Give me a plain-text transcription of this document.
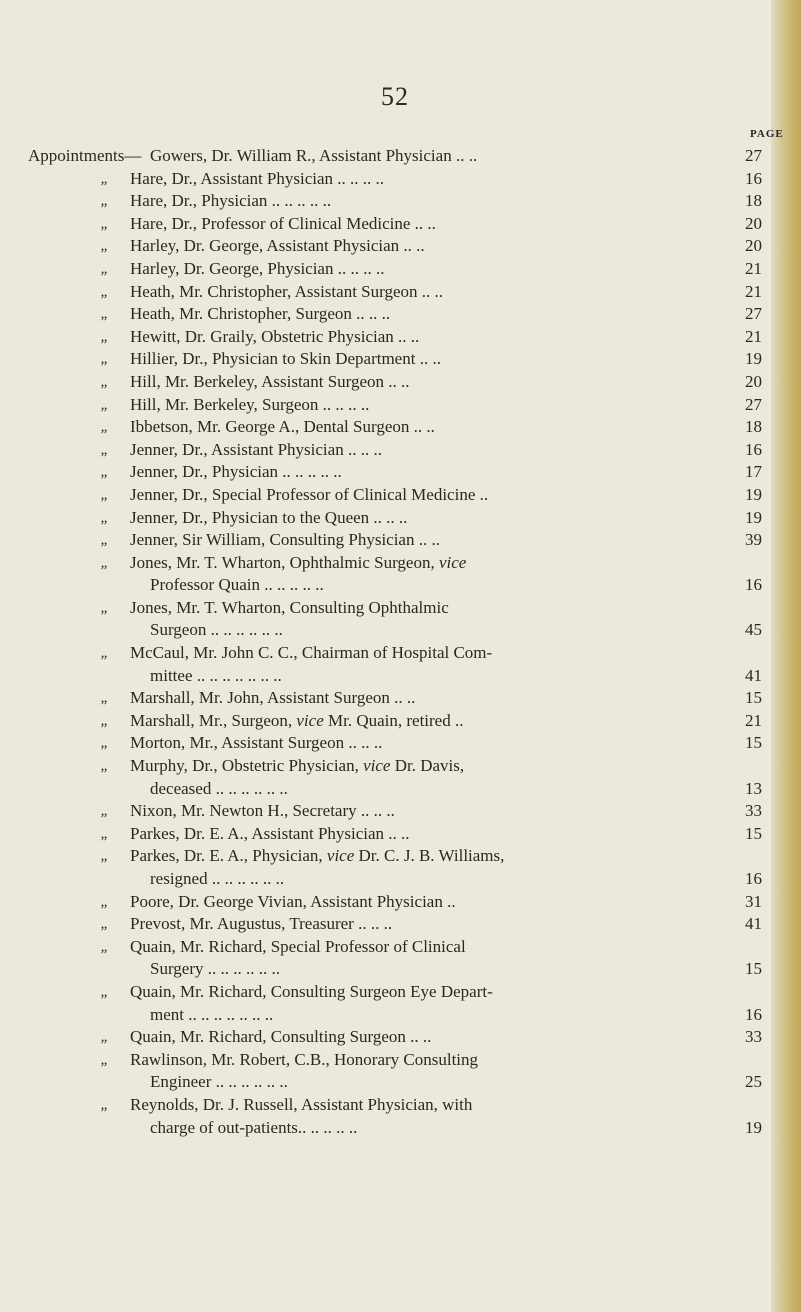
52
PAGE
Appointments— Gowers, Dr. William R., Assistant Physician .. ..	27
„	Hare, Dr., Assistant Physician .. .. .. ..	16
„	Hare, Dr., Physician .. .. .. .. ..	18
„	Hare, Dr., Professor of Clinical Medicine .. ..	20
„	Harley, Dr. George, Assistant Physician .. ..	20
„	Harley, Dr. George, Physician .. .. .. ..	21
„	Heath, Mr. Christopher, Assistant Surgeon .. ..	21
„	Heath, Mr. Christopher, Surgeon .. .. ..	27
„	Hewitt, Dr. Graily, Obstetric Physician .. ..	21
„	Hillier, Dr., Physician to Skin Department .. ..	19
„	Hill, Mr. Berkeley, Assistant Surgeon .. ..	20
„	Hill, Mr. Berkeley, Surgeon .. .. .. ..	27
„	Ibbetson, Mr. George A., Dental Surgeon .. ..	18
„	Jenner, Dr., Assistant Physician .. .. ..	16
„	Jenner, Dr., Physician .. .. .. .. ..	17
„	Jenner, Dr., Special Professor of Clinical Medicine ..	19
„	Jenner, Dr., Physician to the Queen .. .. ..	19
„	Jenner, Sir William, Consulting Physician .. ..	39
„	Jones, Mr. T. Wharton, Ophthalmic Surgeon, vice
Professor Quain .. .. .. .. ..	16
„	Jones, Mr. T. Wharton, Consulting Ophthalmic
Surgeon .. .. .. .. .. ..	45
„	McCaul, Mr. John C. C., Chairman of Hospital Com-
mittee .. .. .. .. .. .. ..	41
„	Marshall, Mr. John, Assistant Surgeon .. ..	15
„	Marshall, Mr., Surgeon, vice Mr. Quain, retired ..	21
„	Morton, Mr., Assistant Surgeon .. .. ..	15
„	Murphy, Dr., Obstetric Physician, vice Dr. Davis,
deceased .. .. .. .. .. ..	13
„	Nixon, Mr. Newton H., Secretary .. .. ..	33
„	Parkes, Dr. E. A., Assistant Physician .. ..	15
„	Parkes, Dr. E. A., Physician, vice Dr. C. J. B. Williams,
resigned .. .. .. .. .. ..	16
„	Poore, Dr. George Vivian, Assistant Physician ..	31
„	Prevost, Mr. Augustus, Treasurer .. .. ..	41
„	Quain, Mr. Richard, Special Professor of Clinical
Surgery .. .. .. .. .. ..	15
„	Quain, Mr. Richard, Consulting Surgeon Eye Depart-
ment .. .. .. .. .. .. ..	16
„	Quain, Mr. Richard, Consulting Surgeon .. ..	33
„	Rawlinson, Mr. Robert, C.B., Honorary Consulting
Engineer .. .. .. .. .. ..	25
„	Reynolds, Dr. J. Russell, Assistant Physician, with
charge of out-patients.. .. .. .. ..	19
